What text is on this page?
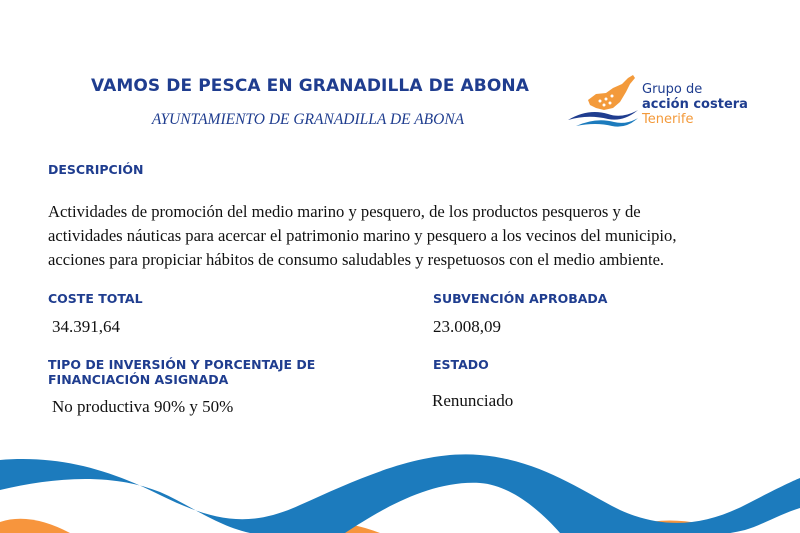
VAMOS DE PESCA EN GRANADILLA DE ABONA
AYUNTAMIENTO DE GRANADILLA DE ABONA
Grupo de
acción costera
Tenerife
DESCRIPCIÓN
Actividades de promoción del medio marino y pesquero, de los productos pesqueros y de
actividades náuticas para acercar el patrimonio marino y pesquero a los vecinos del municipio,
acciones para propiciar hábitos de consumo saludables y respetuosos con el medio ambiente.
COSTE TOTAL
34.391,64
SUBVENCIÓN APROBADA
23.008,09
TIPO DE INVERSIÓN Y PORCENTAJE DE
FINANCIACIÓN ASIGNADA
No productiva 90% y 50%
ESTADO
Renunciado
